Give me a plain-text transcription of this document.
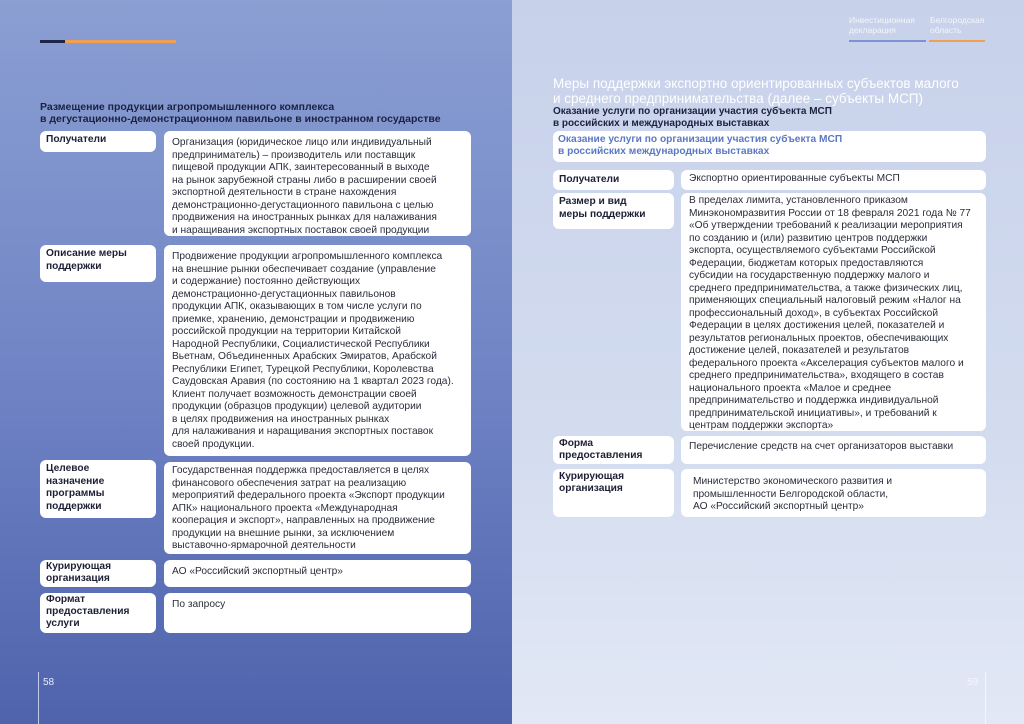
Размещение продукции агропромышленного комплекса
в дегустационно-демонстрационном павильоне в иностранном государстве
Получатели	Организация (юридическое лицо или индивидуальный
предприниматель) – производитель или поставщик
пищевой продукции АПК, заинтересованный в выходе
на рынок зарубежной страны либо в расширении своей
экспортной деятельности в стране нахождения
демонстрационно-дегустационного павильона с целью
продвижения на иностранных рынках для налаживания
и наращивания экспортных поставок своей продукции
Описание меры
поддержки
Продвижение продукции агропромышленного комплекса
на внешние рынки обеспечивает создание (управление
и содержание) постоянно действующих
демонстрационно-дегустационных павильонов
продукции АПК, оказывающих в том числе услуги по
приемке, хранению, демонстрации и продвижению
российской продукции на территории Китайской
Народной Республики, Социалистической Республики
Вьетнам, Объединенных Арабских Эмиратов, Арабской
Республики Египет, Турецкой Республики, Королевства
Саудовская Аравия (по состоянию на 1 квартал 2023 года).
Клиент получает возможность демонстрации своей
продукции (образцов продукции) целевой аудитории
в целях продвижения на иностранных рынках
для налаживания и наращивания экспортных поставок
своей продукции.
Целевое
назначение
программы
поддержки
Государственная поддержка предоставляется в целях
финансового обеспечения затрат на реализацию
мероприятий федерального проекта «Экспорт продукции
АПК» национального проекта «Международная
кооперация и экспорт», направленных на продвижение
продукции на внешние рынки, за исключением
выставочно-ярмарочной деятельности
Курирующая
организация
АО «Российский экспортный центр»
Формат
предоставления
услуги
По запросу
58
Инвестиционная
декларация
Белгородская
область
Меры поддержки экспортно ориентированных субъектов малого
и среднего предпринимательства (далее – субъекты МСП)
Оказание услуги по организации участия субъекта МСП
в российских и международных выставках
Оказание услуги по организации участия субъекта МСП
в российских международных выставках
Получатели	Экспортно ориентированные субъекты МСП
Размер и вид
меры поддержки
В пределах лимита, установленного приказом
Минэкономразвития России от 18 февраля 2021 года № 77
«Об утверждении требований к реализации мероприятия
по созданию и (или) развитию центров поддержки
экспорта, осуществляемого субъектами Российской
Федерации, бюджетам которых предоставляются
субсидии на государственную поддержку малого и
среднего предпринимательства, а также физических лиц,
применяющих специальный налоговый режим «Налог на
профессиональный доход», в субъектах Российской
Федерации в целях достижения целей, показателей и
результатов региональных проектов, обеспечивающих
достижение целей, показателей и результатов
федерального проекта «Акселерация субъектов малого и
среднего предпринимательства», входящего в состав
национального проекта «Малое и среднее
предпринимательство и поддержка индивидуальной
предпринимательской инициативы», и требований к
центрам поддержки экспорта»
Форма
предоставления
Перечисление средств на счет организаторов выставки
Курирующая
организация
Министерство экономического развития и
промышленности Белгородской области,
АО «Российский экспортный центр»
59
